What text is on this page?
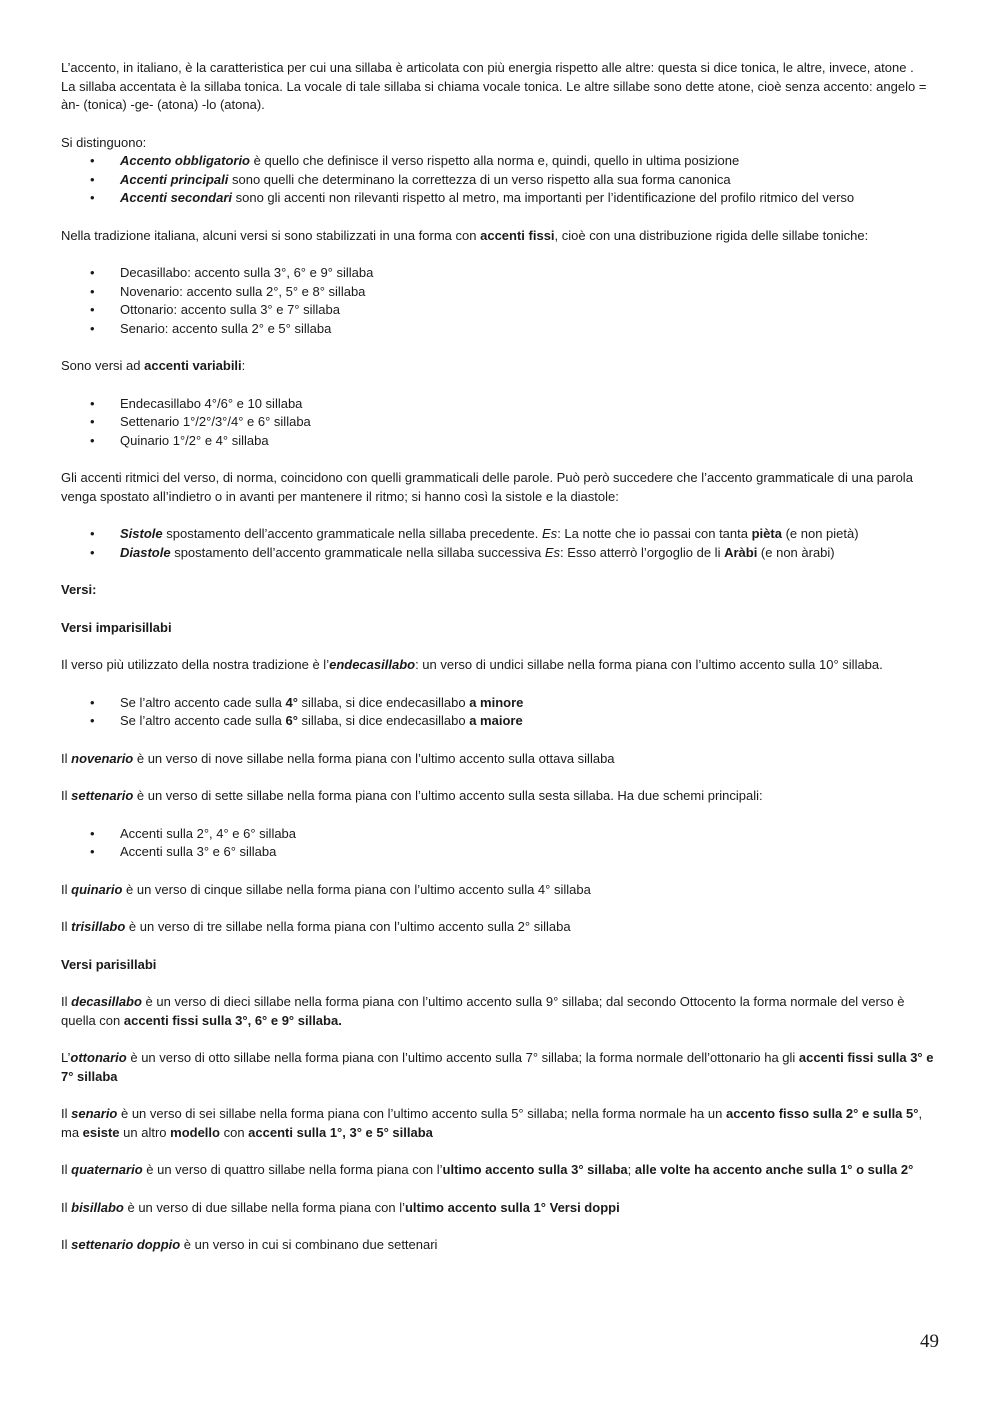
L’accento, in italiano, è la caratteristica per cui una sillaba è articolata con più energia rispetto alle altre: questa si dice tonica, le altre, invece, atone .

La sillaba accentata è la sillaba tonica. La vocale di tale sillaba si chiama vocale tonica. Le altre sillabe sono dette atone, cioè senza accento: angelo = àn- (tonica) -ge- (atona) -lo (atona).

Si distinguono:

• Accento obbligatorio è quello che definisce il verso rispetto alla norma e, quindi, quello in ultima posizione
• Accenti principali sono quelli che determinano la correttezza di un verso rispetto alla sua forma canonica
• Accenti secondari sono gli accenti non rilevanti rispetto al metro, ma importanti per l’identificazione del profilo ritmico del verso

Nella tradizione italiana, alcuni versi si sono stabilizzati in una forma con accenti fissi, cioè con una distribuzione rigida delle sillabe toniche:

• Decasillabo: accento sulla 3°, 6° e 9° sillaba
• Novenario: accento sulla 2°, 5° e 8° sillaba
• Ottonario: accento sulla 3° e 7° sillaba
• Senario: accento sulla 2° e 5° sillaba

Sono versi ad accenti variabili:

• Endecasillabo 4°/6° e 10 sillaba
• Settenario 1°/2°/3°/4° e 6° sillaba
• Quinario 1°/2° e 4° sillaba

Gli accenti ritmici del verso, di norma, coincidono con quelli grammaticali delle parole. Può però succedere che l’accento grammaticale di una parola venga spostato all’indietro o in avanti per mantenere il ritmo; si hanno così la sistole e la diastole:

• Sistole spostamento dell’accento grammaticale nella sillaba precedente. Es: La notte che io passai con tanta pièta (e non pietà)
• Diastole spostamento dell’accento grammaticale nella sillaba successiva Es: Esso atterrò l’orgoglio de li Aràbi (e non àrabi)

Versi:

Versi imparisillabi

Il verso più utilizzato della nostra tradizione è l’endecasillabo: un verso di undici sillabe nella forma piana con l’ultimo accento sulla 10° sillaba.

• Se l’altro accento cade sulla 4° sillaba, si dice endecasillabo a minore
• Se l’altro accento cade sulla 6° sillaba, si dice endecasillabo a maiore

Il novenario è un verso di nove sillabe nella forma piana con l’ultimo accento sulla ottava sillaba

Il settenario è un verso di sette sillabe nella forma piana con l’ultimo accento sulla sesta sillaba. Ha due schemi principali:

• Accenti sulla 2°, 4° e 6° sillaba
• Accenti sulla 3° e 6° sillaba

Il quinario è un verso di cinque sillabe nella forma piana con l’ultimo accento sulla 4° sillaba

Il trisillabo è un verso di tre sillabe nella forma piana con l’ultimo accento sulla 2° sillaba

Versi parisillabi

Il decasillabo è un verso di dieci sillabe nella forma piana con l’ultimo accento sulla 9° sillaba; dal secondo Ottocento la forma normale del verso è quella con accenti fissi sulla 3°, 6° e 9° sillaba.

L’ottonario è un verso di otto sillabe nella forma piana con l’ultimo accento sulla 7° sillaba; la forma normale dell’ottonario ha gli accenti fissi sulla 3° e 7° sillaba

Il senario è un verso di sei sillabe nella forma piana con l’ultimo accento sulla 5° sillaba; nella forma normale ha un accento fisso sulla 2° e sulla 5°, ma esiste un altro modello con accenti sulla 1°, 3° e 5° sillaba

Il quaternario è un verso di quattro sillabe nella forma piana con l’ultimo accento sulla 3° sillaba; alle volte ha accento anche sulla 1° o sulla 2°

Il bisillabo è un verso di due sillabe nella forma piana con l’ultimo accento sulla 1° Versi doppi

Il settenario doppio è un verso in cui si combinano due settenari

49
